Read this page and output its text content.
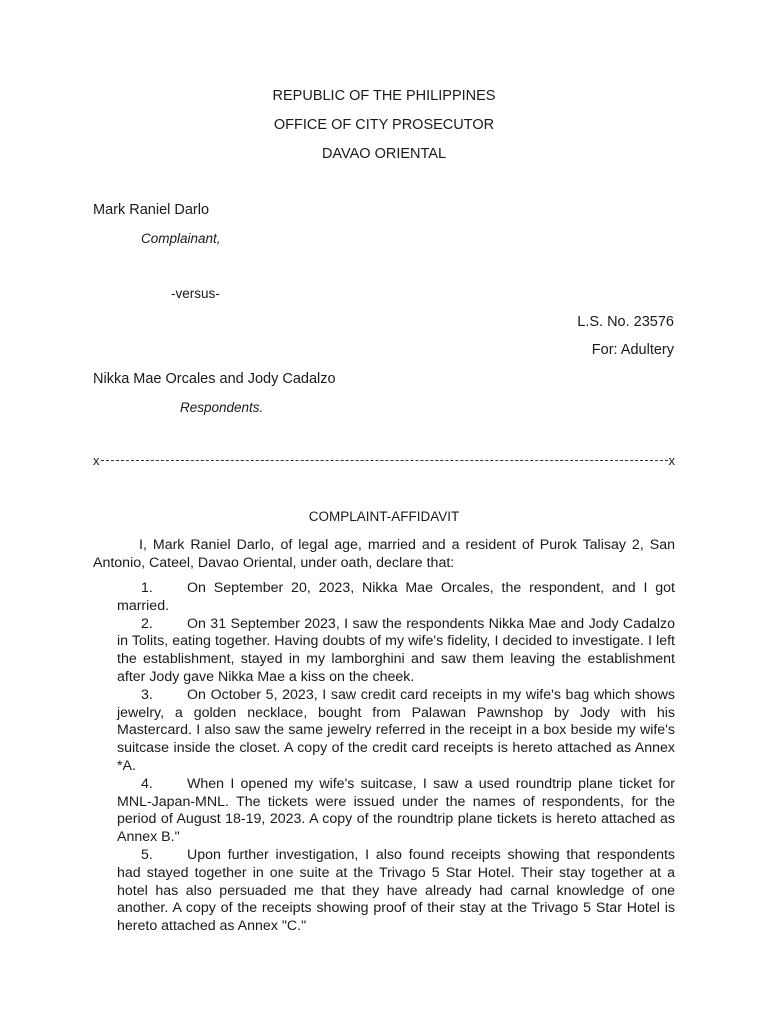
REPUBLIC OF THE PHILIPPINES
OFFICE OF CITY PROSECUTOR
DAVAO ORIENTAL
Mark Raniel Darlo
Complainant,
-versus-
L.S. No. 23576
For: Adultery
Nikka Mae Orcales and Jody Cadalzo
Respondents.
x	x
COMPLAINT-AFFIDAVIT
I, Mark Raniel Darlo, of legal age, married and a resident of Purok Talisay 2, San Antonio, Cateel, Davao Oriental, under oath, declare that:
1. On September 20, 2023, Nikka Mae Orcales, the respondent, and I got married.
2. On 31 September 2023, I saw the respondents Nikka Mae and Jody Cadalzo in Tolits, eating together. Having doubts of my wife's fidelity, I decided to investigate. I left the establishment, stayed in my lamborghini and saw them leaving the establishment after Jody gave Nikka Mae a kiss on the cheek.
3. On October 5, 2023, I saw credit card receipts in my wife's bag which shows jewelry, a golden necklace, bought from Palawan Pawnshop by Jody with his Mastercard. I also saw the same jewelry referred in the receipt in a box beside my wife's suitcase inside the closet. A copy of the credit card receipts is hereto attached as Annex *A.
4. When I opened my wife's suitcase, I saw a used roundtrip plane ticket for MNL-Japan-MNL. The tickets were issued under the names of respondents, for the period of August 18-19, 2023. A copy of the roundtrip plane tickets is hereto attached as Annex B."
5. Upon further investigation, I also found receipts showing that respondents had stayed together in one suite at the Trivago 5 Star Hotel. Their stay together at a hotel has also persuaded me that they have already had carnal knowledge of one another. A copy of the receipts showing proof of their stay at the Trivago 5 Star Hotel is hereto attached as Annex "C."
